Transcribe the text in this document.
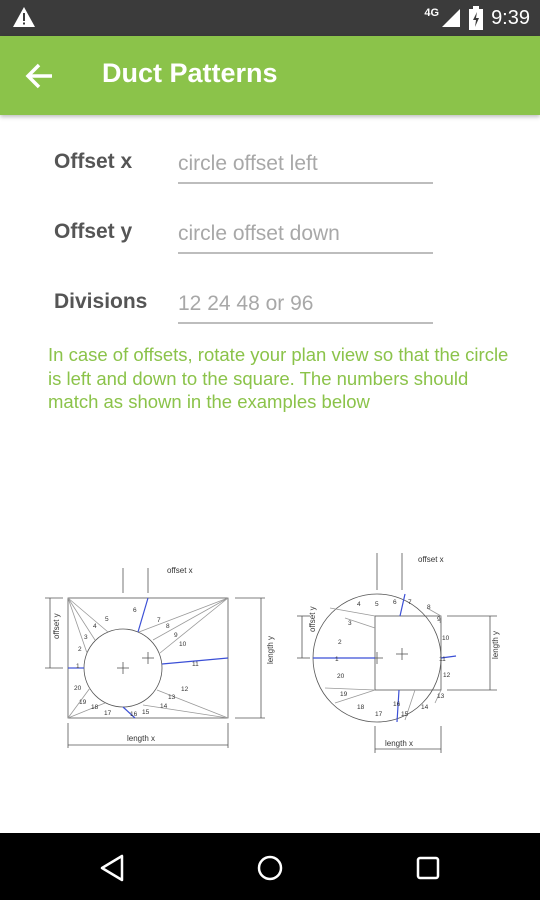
4G	9:39
Duct Patterns
Offset x
circle offset left
Offset y
circle offset down
Divisions
12 24 48 or 96
In case of offsets, rotate your plan view so that the circle is left and down to the square. The numbers should match as shown in the examples below
offset x
offset y
length x
length y
1
2
3
4
5
6
7
8
9
10
11
12
13
14
15
16
17
18
19
20
offset x
offset y
length x
length y
1
2
3
4 5 6 7
8
9
10
11
12
13
14
15
16
17
18
19
20
